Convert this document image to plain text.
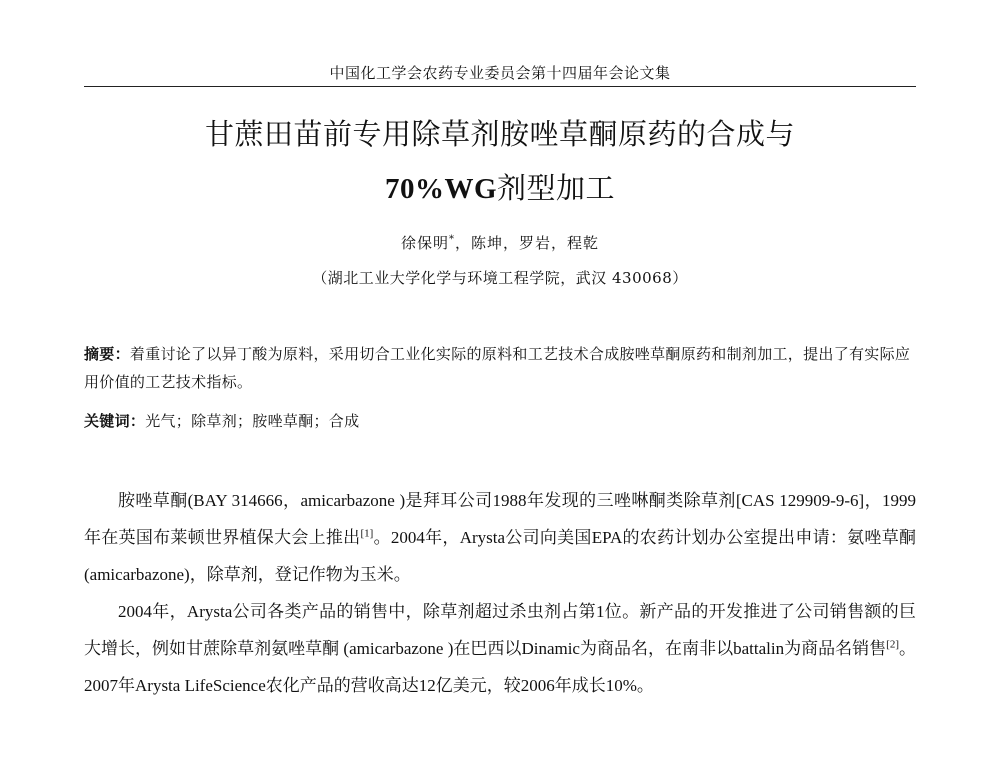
中国化工学会农药专业委员会第十四届年会论文集
甘蔗田苗前专用除草剂胺唑草酮原药的合成与
70%WG剂型加工
徐保明*，陈坤，罗岩，程乾
（湖北工业大学化学与环境工程学院，武汉 430068）
摘要：着重讨论了以异丁酸为原料，采用切合工业化实际的原料和工艺技术合成胺唑草酮原药和制剂加工，提出了有实际应用价值的工艺技术指标。
关键词：光气；除草剂；胺唑草酮；合成

胺唑草酮(BAY 314666，amicarbazone )是拜耳公司1988年发现的三唑啉酮类除草剂[CAS 129909-9-6]，1999年在英国布莱顿世界植保大会上推出[1]。2004年，Arysta公司向美国EPA的农药计划办公室提出申请：氨唑草酮(amicarbazone)，除草剂，登记作物为玉米。

2004年，Arysta公司各类产品的销售中，除草剂超过杀虫剂占第1位。新产品的开发推进了公司销售额的巨大增长，例如甘蔗除草剂氨唑草酮 (amicarbazone )在巴西以Dinamic为商品名，在南非以battalin为商品名销售[2]。2007年Arysta LifeScience农化产品的营收高达12亿美元，较2006年成长10%。
